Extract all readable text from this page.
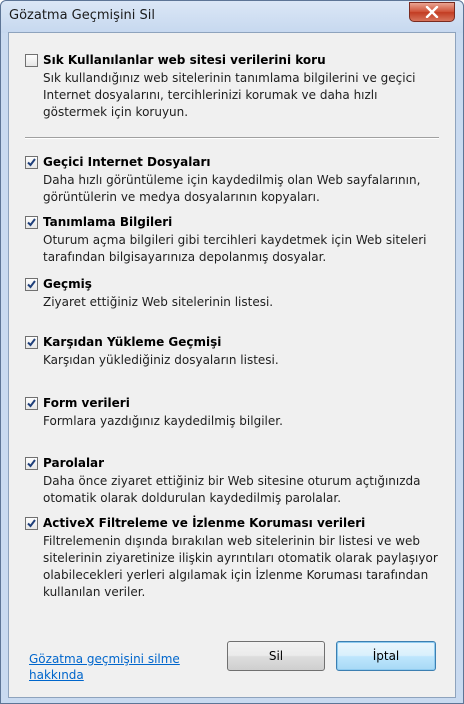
Gözatma Geçmişini Sil
Sık Kullanılanlar web sitesi verilerini koru
Sık kullandığınız web sitelerinin tanımlama bilgilerini ve geçici Internet dosyalarını, tercihlerinizi korumak ve daha hızlı göstermek için koruyun.
Geçici Internet Dosyaları
Daha hızlı görüntüleme için kaydedilmiş olan Web sayfalarının, görüntülerin ve medya dosyalarının kopyaları.
Tanımlama Bilgileri
Oturum açma bilgileri gibi tercihleri kaydetmek için Web siteleri tarafından bilgisayarınıza depolanmış dosyalar.
Geçmiş
Ziyaret ettiğiniz Web sitelerinin listesi.
Karşıdan Yükleme Geçmişi
Karşıdan yüklediğiniz dosyaların listesi.
Form verileri
Formlara yazdığınız kaydedilmiş bilgiler.
Parolalar
Daha önce ziyaret ettiğiniz bir Web sitesine oturum açtığınızda otomatik olarak doldurulan kaydedilmiş parolalar.
ActiveX Filtreleme ve İzlenme Koruması verileri
Filtrelemenin dışında bırakılan web sitelerinin bir listesi ve web sitelerinin ziyaretinize ilişkin ayrıntıları otomatik olarak paylaşıyor olabilecekleri yerleri algılamak için İzlenme Koruması tarafından kullanılan veriler.
Gözatma geçmişini silme hakkında
Sil	İptal
